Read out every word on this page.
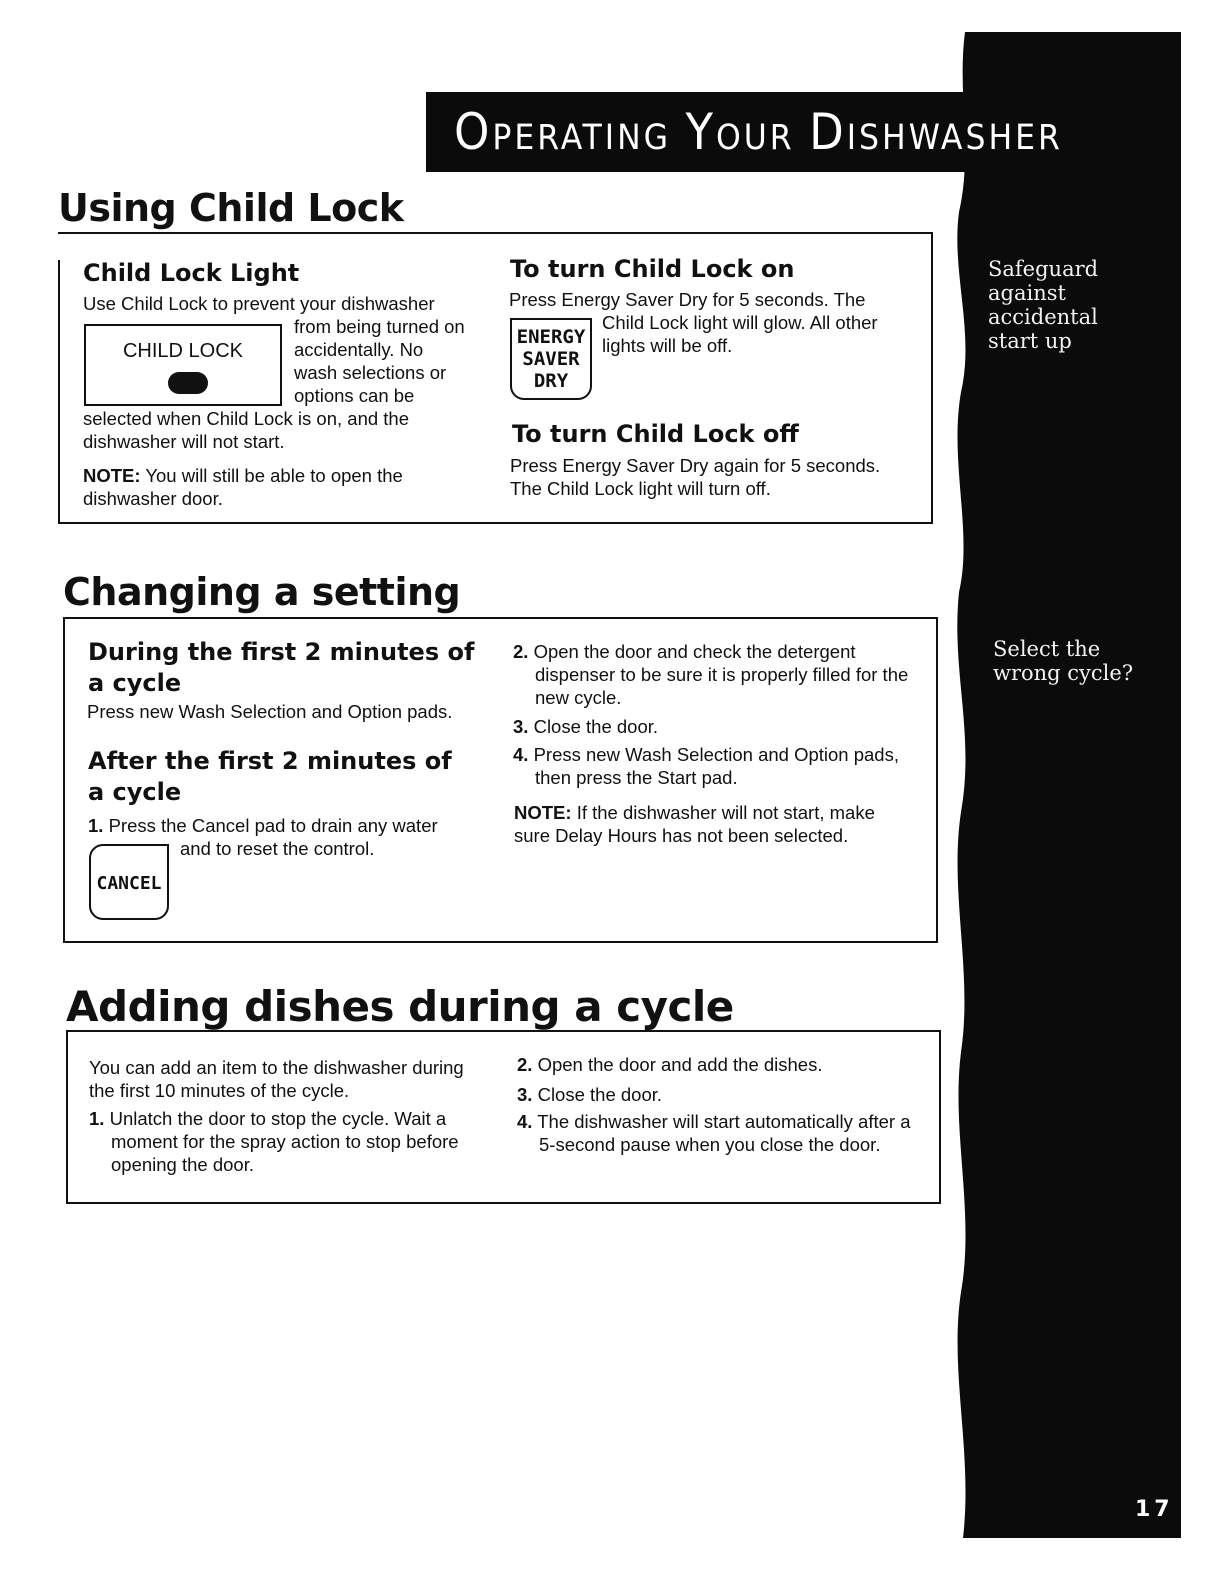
Safeguard
against
accidental
start up
Select the
wrong cycle?
17
OPERATING YOUR DISHWASHER
Using Child Lock
Child Lock Light
Use Child Lock to prevent your dishwasher
CHILD LOCK
from being turned on
accidentally. No
wash selections or
options can be
selected when Child Lock is on, and the
dishwasher will not start.
NOTE: You will still be able to open the
dishwasher door.
To turn Child Lock on
Press Energy Saver Dry for 5 seconds. The
ENERGY
SAVER
DRY
Child Lock light will glow. All other
lights will be off.
To turn Child Lock off
Press Energy Saver Dry again for 5 seconds.
The Child Lock light will turn off.
Changing a setting
During the first 2 minutes of
a cycle
Press new Wash Selection and Option pads.
After the first 2 minutes of
a cycle
1. Press the Cancel pad to drain any water
and to reset the control.
CANCEL
2. Open the door and check the detergent dispenser to be sure it is properly filled for the new cycle.
3. Close the door.
4. Press new Wash Selection and Option pads, then press the Start pad.
NOTE: If the dishwasher will not start, make sure Delay Hours has not been selected.
Adding dishes during a cycle
You can add an item to the dishwasher during the first 10 minutes of the cycle.
1. Unlatch the door to stop the cycle. Wait a moment for the spray action to stop before opening the door.
2. Open the door and add the dishes.
3. Close the door.
4. The dishwasher will start automatically after a 5-second pause when you close the door.
